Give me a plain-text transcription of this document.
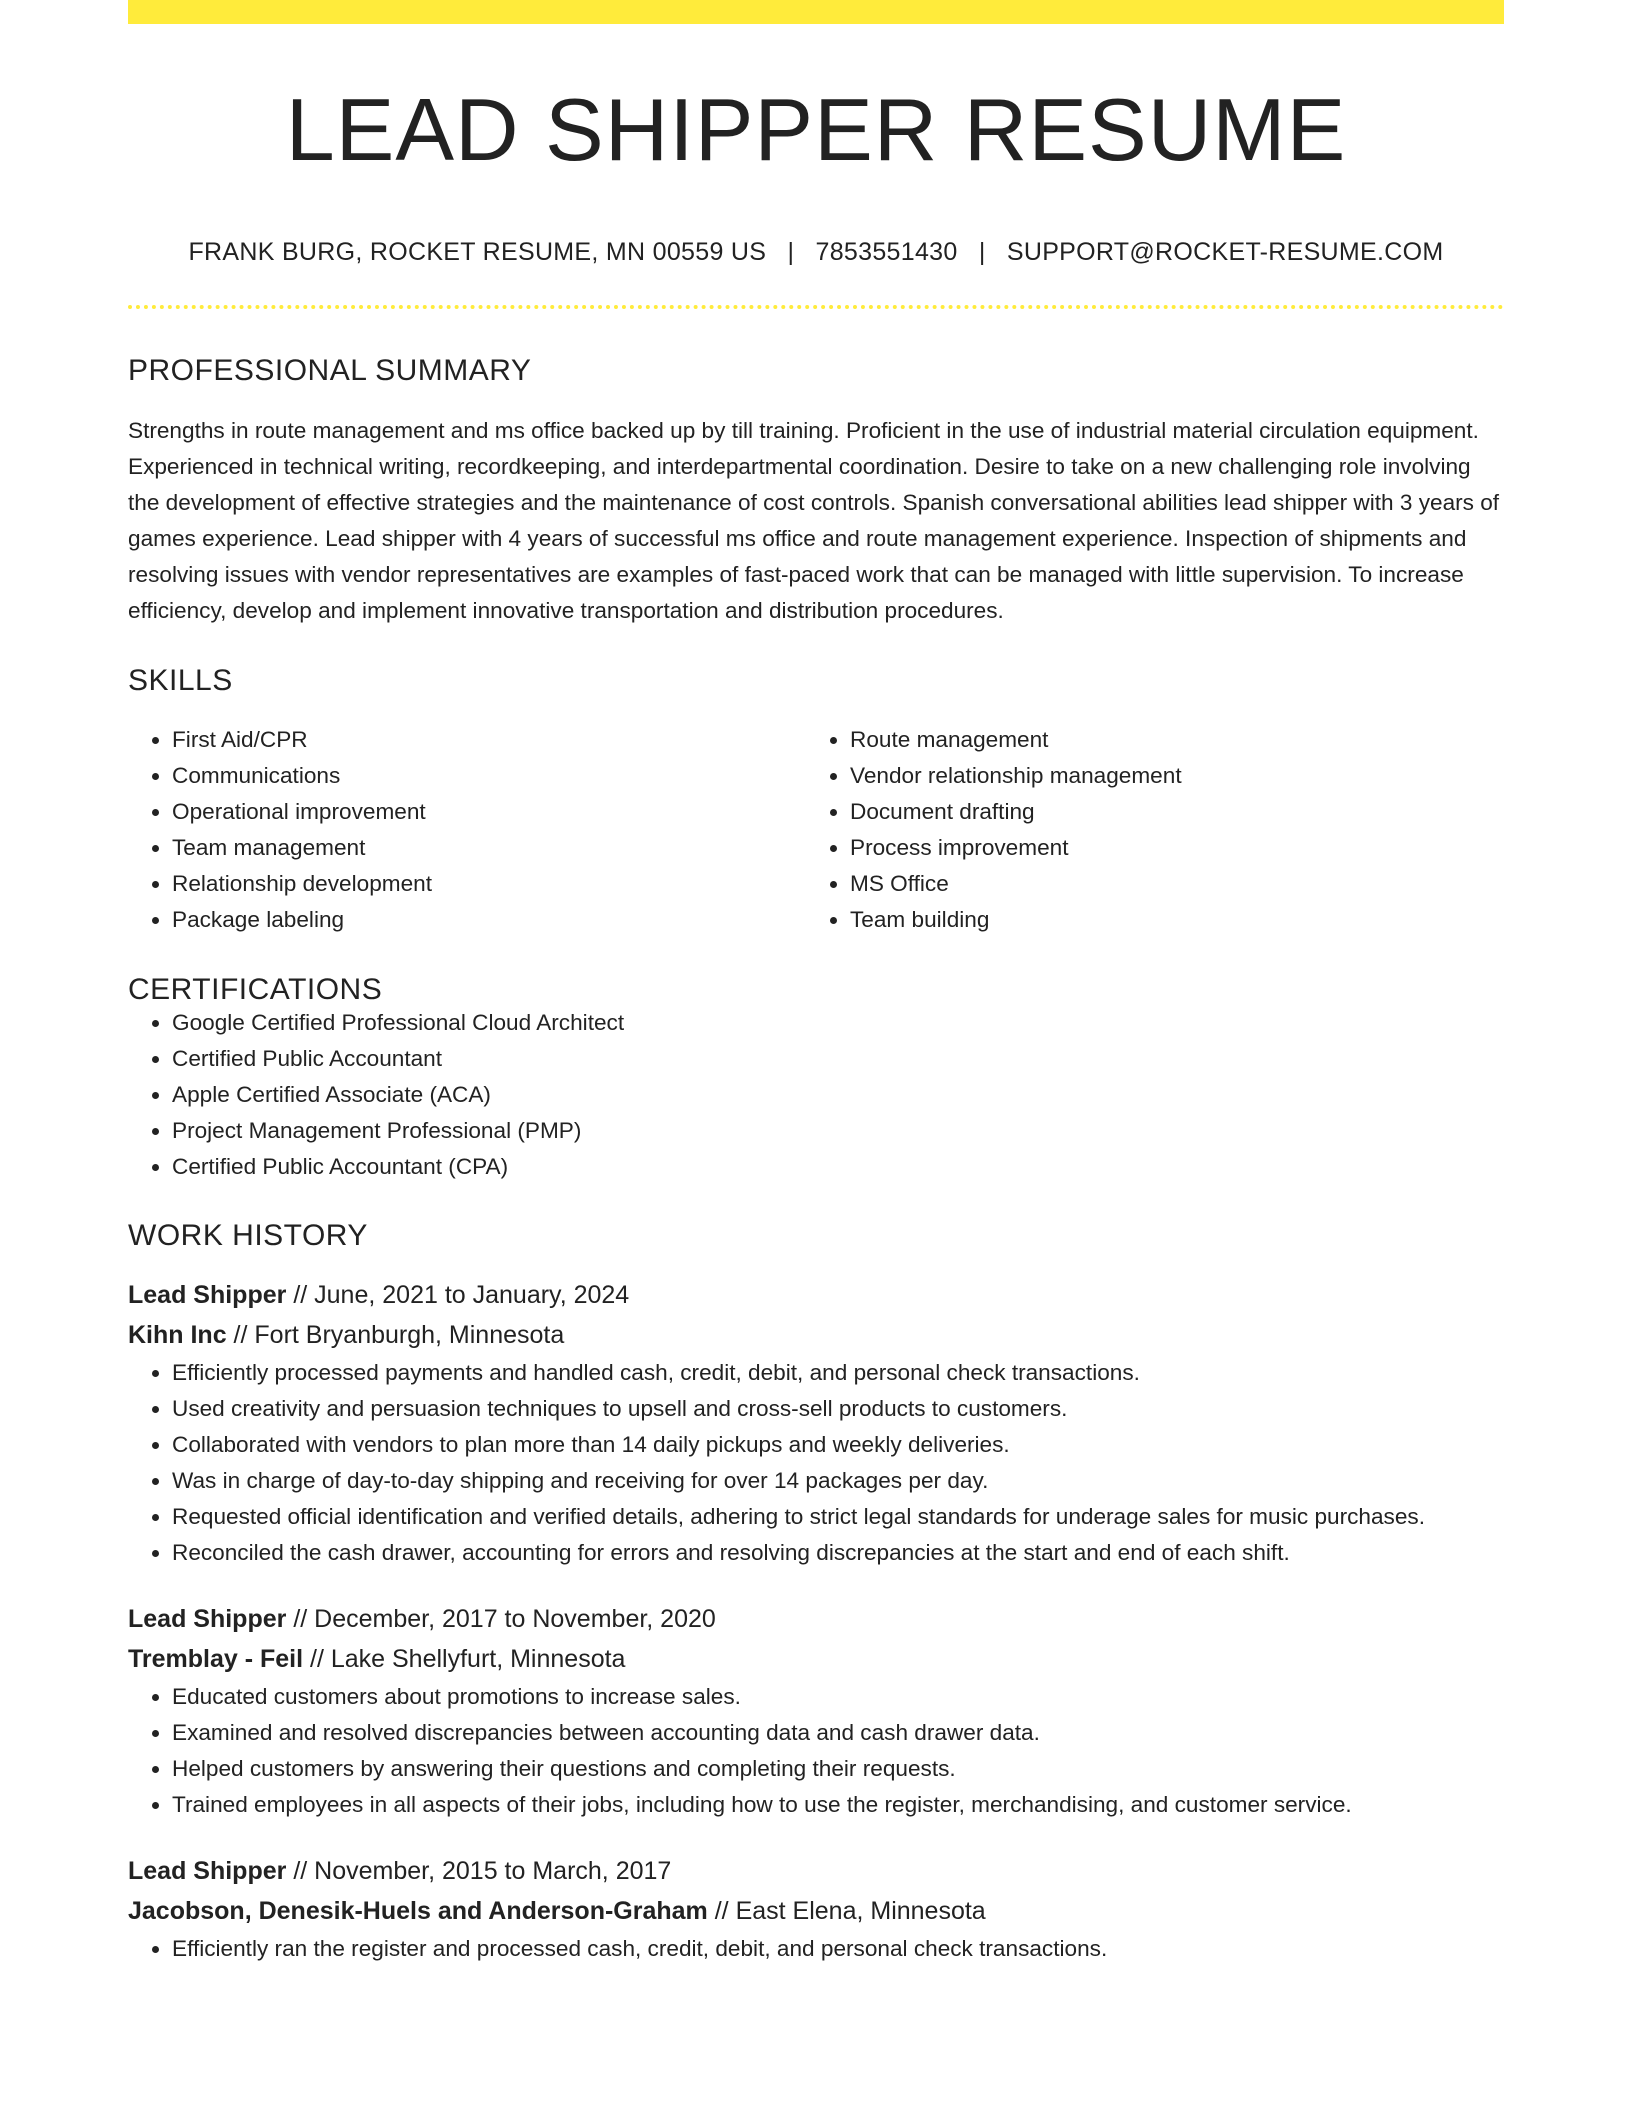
LEAD SHIPPER RESUME
FRANK BURG, ROCKET RESUME, MN 00559 US | 7853551430 | SUPPORT@ROCKET-RESUME.COM
PROFESSIONAL SUMMARY

Strengths in route management and ms office backed up by till training. Proficient in the use of industrial material circulation equipment. Experienced in technical writing, recordkeeping, and interdepartmental coordination. Desire to take on a new challenging role involving the development of effective strategies and the maintenance of cost controls. Spanish conversational abilities lead shipper with 3 years of games experience. Lead shipper with 4 years of successful ms office and route management experience. Inspection of shipments and resolving issues with vendor representatives are examples of fast-paced work that can be managed with little supervision. To increase efficiency, develop and implement innovative transportation and distribution procedures.

SKILLS
• First Aid/CPR
• Communications
• Operational improvement
• Team management
• Relationship development
• Package labeling
• Route management
• Vendor relationship management
• Document drafting
• Process improvement
• MS Office
• Team building
CERTIFICATIONS
• Google Certified Professional Cloud Architect
• Certified Public Accountant
• Apple Certified Associate (ACA)
• Project Management Professional (PMP)
• Certified Public Accountant (CPA)
WORK HISTORY
Lead Shipper // June, 2021 to January, 2024
Kihn Inc // Fort Bryanburgh, Minnesota
• Efficiently processed payments and handled cash, credit, debit, and personal check transactions.
• Used creativity and persuasion techniques to upsell and cross-sell products to customers.
• Collaborated with vendors to plan more than 14 daily pickups and weekly deliveries.
• Was in charge of day-to-day shipping and receiving for over 14 packages per day.
• Requested official identification and verified details, adhering to strict legal standards for underage sales for music purchases.
• Reconciled the cash drawer, accounting for errors and resolving discrepancies at the start and end of each shift.
Lead Shipper // December, 2017 to November, 2020
Tremblay - Feil // Lake Shellyfurt, Minnesota
• Educated customers about promotions to increase sales.
• Examined and resolved discrepancies between accounting data and cash drawer data.
• Helped customers by answering their questions and completing their requests.
• Trained employees in all aspects of their jobs, including how to use the register, merchandising, and customer service.
Lead Shipper // November, 2015 to March, 2017
Jacobson, Denesik-Huels and Anderson-Graham // East Elena, Minnesota
• Efficiently ran the register and processed cash, credit, debit, and personal check transactions.
